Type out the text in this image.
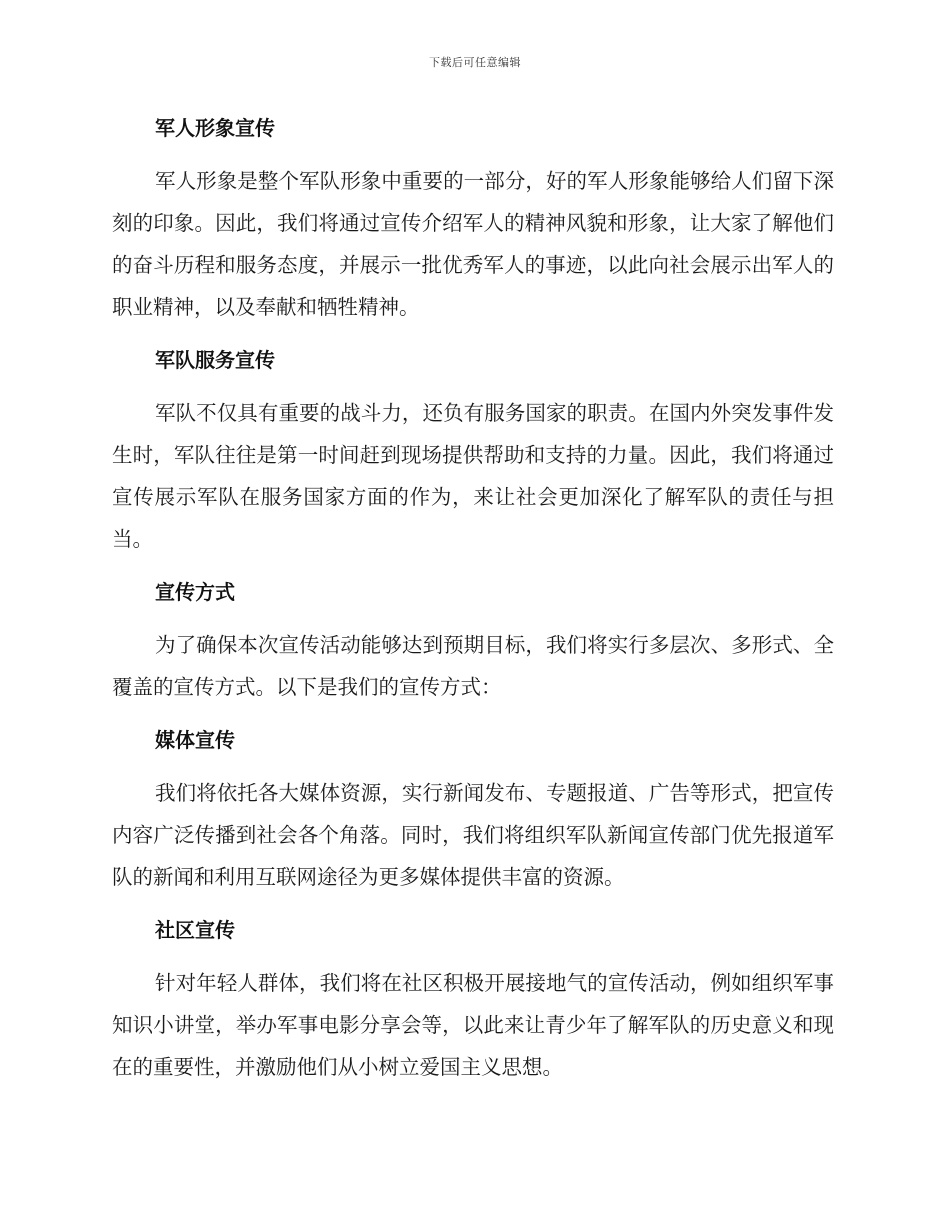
下载后可任意编辑
军人形象宣传

军人形象是整个军队形象中重要的一部分，好的军人形象能够给人们留下深刻的印象。因此，我们将通过宣传介绍军人的精神风貌和形象，让大家了解他们的奋斗历程和服务态度，并展示一批优秀军人的事迹，以此向社会展示出军人的职业精神，以及奉献和牺牲精神。

军队服务宣传

军队不仅具有重要的战斗力，还负有服务国家的职责。在国内外突发事件发生时，军队往往是第一时间赶到现场提供帮助和支持的力量。因此，我们将通过宣传展示军队在服务国家方面的作为，来让社会更加深化了解军队的责任与担当。

宣传方式

为了确保本次宣传活动能够达到预期目标，我们将实行多层次、多形式、全覆盖的宣传方式。以下是我们的宣传方式：

媒体宣传

我们将依托各大媒体资源，实行新闻发布、专题报道、广告等形式，把宣传内容广泛传播到社会各个角落。同时，我们将组织军队新闻宣传部门优先报道军队的新闻和利用互联网途径为更多媒体提供丰富的资源。

社区宣传

针对年轻人群体，我们将在社区积极开展接地气的宣传活动，例如组织军事知识小讲堂，举办军事电影分享会等，以此来让青少年了解军队的历史意义和现在的重要性，并激励他们从小树立爱国主义思想。
